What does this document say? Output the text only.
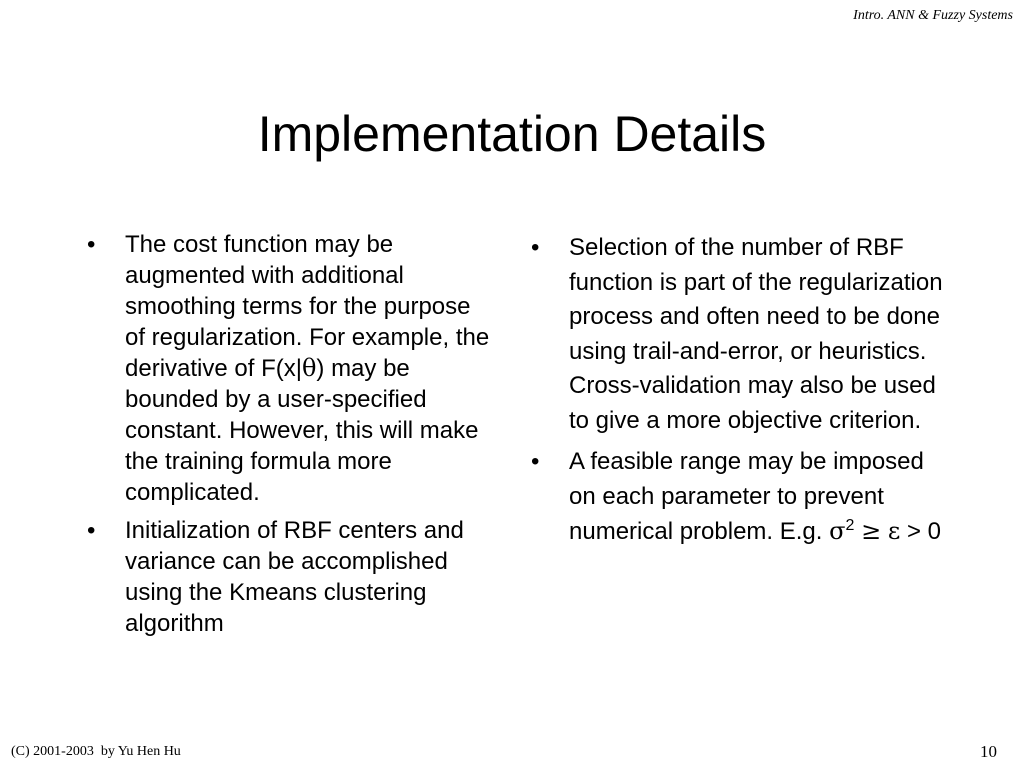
Intro. ANN & Fuzzy Systems
Implementation Details
•	The cost function may be augmented with additional smoothing terms for the purpose of regularization. For example, the derivative of F(x|θ) may be bounded by a user-specified constant. However, this will make the training formula more complicated.
•	Initialization of RBF centers and variance can be accomplished using the Kmeans clustering algorithm
•	Selection of the number of RBF function is part of the regularization process and often need to be done using trail-and-error, or heuristics. Cross-validation may also be used to give a more objective criterion.
•	A feasible range may be imposed on each parameter to prevent numerical problem. E.g. $\sigma^2 \ge \varepsilon > 0$
(C) 2001-2003  by Yu Hen Hu	10
